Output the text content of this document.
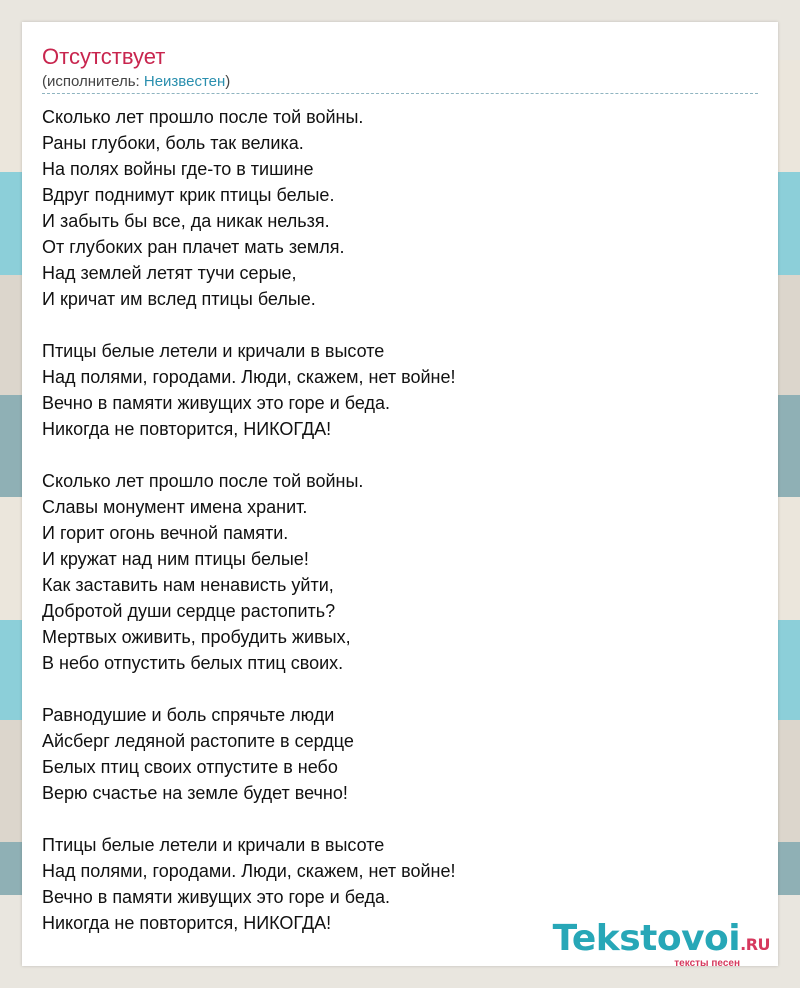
Отсутствует
(исполнитель: Неизвестен)
Сколько лет прошло после той войны.
Раны глубоки, боль так велика.
На полях войны где-то в тишине
Вдруг поднимут крик птицы белые.
И забыть бы все, да никак нельзя.
От глубоких ран плачет мать земля.
Над землей летят тучи серые,
И кричат им вслед птицы белые.
Птицы белые летели и кричали в высоте
Над полями, городами. Люди, скажем, нет войне!
Вечно в памяти живущих это горе и беда.
Никогда не повторится, НИКОГДА!
Сколько лет прошло после той войны.
Славы монумент имена хранит.
И горит огонь вечной памяти.
И кружат над ним птицы белые!
Как заставить нам ненависть уйти,
Добротой души сердце растопить?
Мертвых оживить, пробудить живых,
В небо отпустить белых птиц своих.
Равнодушие и боль спрячьте люди
Айсберг ледяной растопите в сердце
Белых птиц своих отпустите в небо
Верю счастье на земле будет вечно!
Птицы белые летели и кричали в высоте
Над полями, городами. Люди, скажем, нет войне!
Вечно в памяти живущих это горе и беда.
Никогда не повторится, НИКОГДА!	Tekstovoi.RU
тексты песен
